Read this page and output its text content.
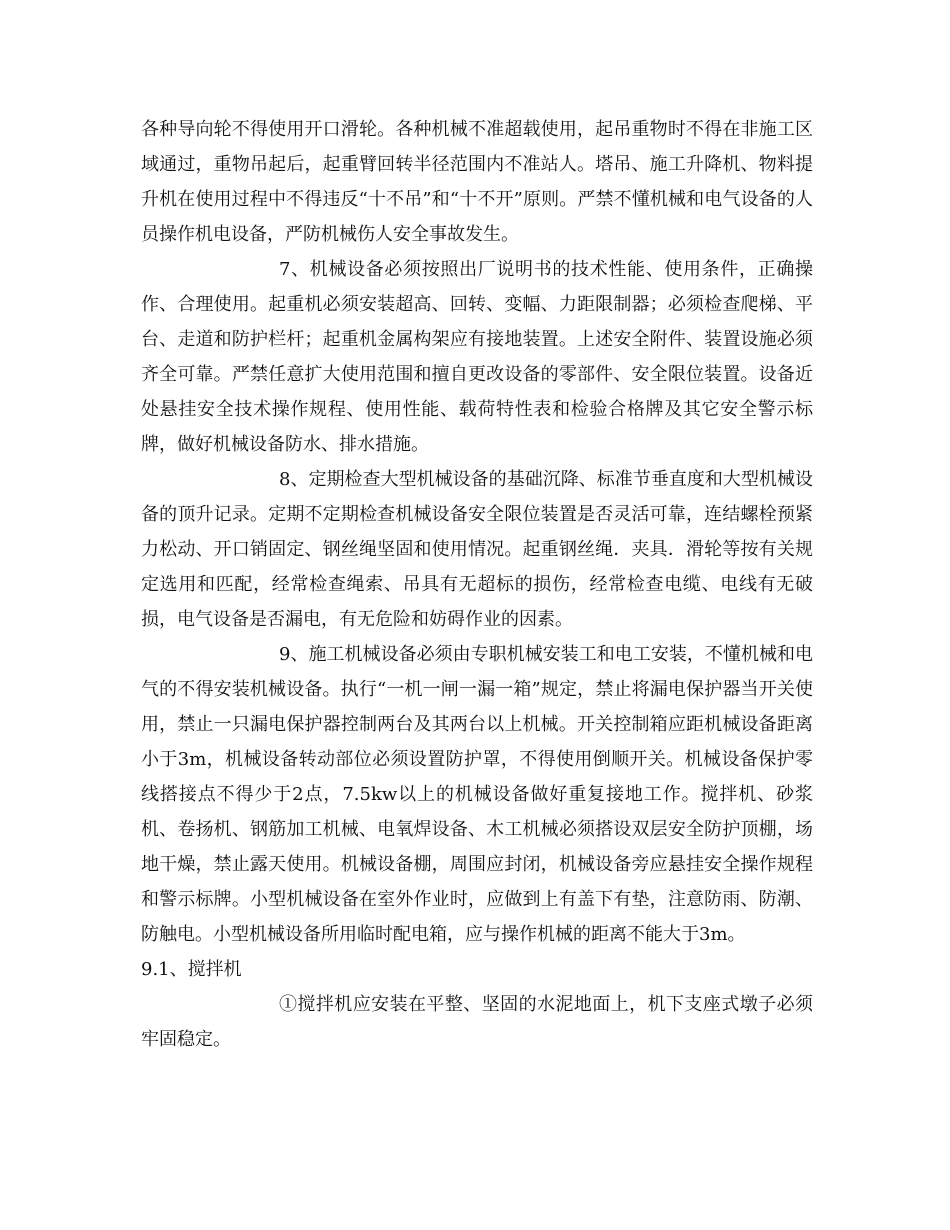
各种导向轮不得使用开口滑轮。各种机械不准超载使用，起吊重物时不得在非施工区域通过，重物吊起后，起重臂回转半径范围内不准站人。塔吊、施工升降机、物料提升机在使用过程中不得违反“十不吊”和“十不开”原则。严禁不懂机械和电气设备的人员操作机电设备，严防机械伤人安全事故发生。

7、机械设备必须按照出厂说明书的技术性能、使用条件，正确操作、合理使用。起重机必须安装超高、回转、变幅、力距限制器；必须检查爬梯、平台、走道和防护栏杆；起重机金属构架应有接地装置。上述安全附件、装置设施必须齐全可靠。严禁任意扩大使用范围和擅自更改设备的零部件、安全限位装置。设备近处悬挂安全技术操作规程、使用性能、载荷特性表和检验合格牌及其它安全警示标牌，做好机械设备防水、排水措施。

8、定期检查大型机械设备的基础沉降、标准节垂直度和大型机械设备的顶升记录。定期不定期检查机械设备安全限位装置是否灵活可靠，连结螺栓预紧力松动、开口销固定、钢丝绳坚固和使用情况。起重钢丝绳．夹具．滑轮等按有关规定选用和匹配，经常检查绳索、吊具有无超标的损伤，经常检查电缆、电线有无破损，电气设备是否漏电，有无危险和妨碍作业的因素。

9、施工机械设备必须由专职机械安装工和电工安装，不懂机械和电气的不得安装机械设备。执行“一机一闸一漏一箱”规定，禁止将漏电保护器当开关使用，禁止一只漏电保护器控制两台及其两台以上机械。开关控制箱应距机械设备距离小于3m，机械设备转动部位必须设置防护罩，不得使用倒顺开关。机械设备保护零线搭接点不得少于2点，7.5kw以上的机械设备做好重复接地工作。搅拌机、砂浆机、卷扬机、钢筋加工机械、电氧焊设备、木工机械必须搭设双层安全防护顶棚，场地干燥，禁止露天使用。机械设备棚，周围应封闭，机械设备旁应悬挂安全操作规程和警示标牌。小型机械设备在室外作业时，应做到上有盖下有垫，注意防雨、防潮、防触电。小型机械设备所用临时配电箱，应与操作机械的距离不能大于3m。

9.1、搅拌机

①搅拌机应安装在平整、坚固的水泥地面上，机下支座式墩子必须牢固稳定。
